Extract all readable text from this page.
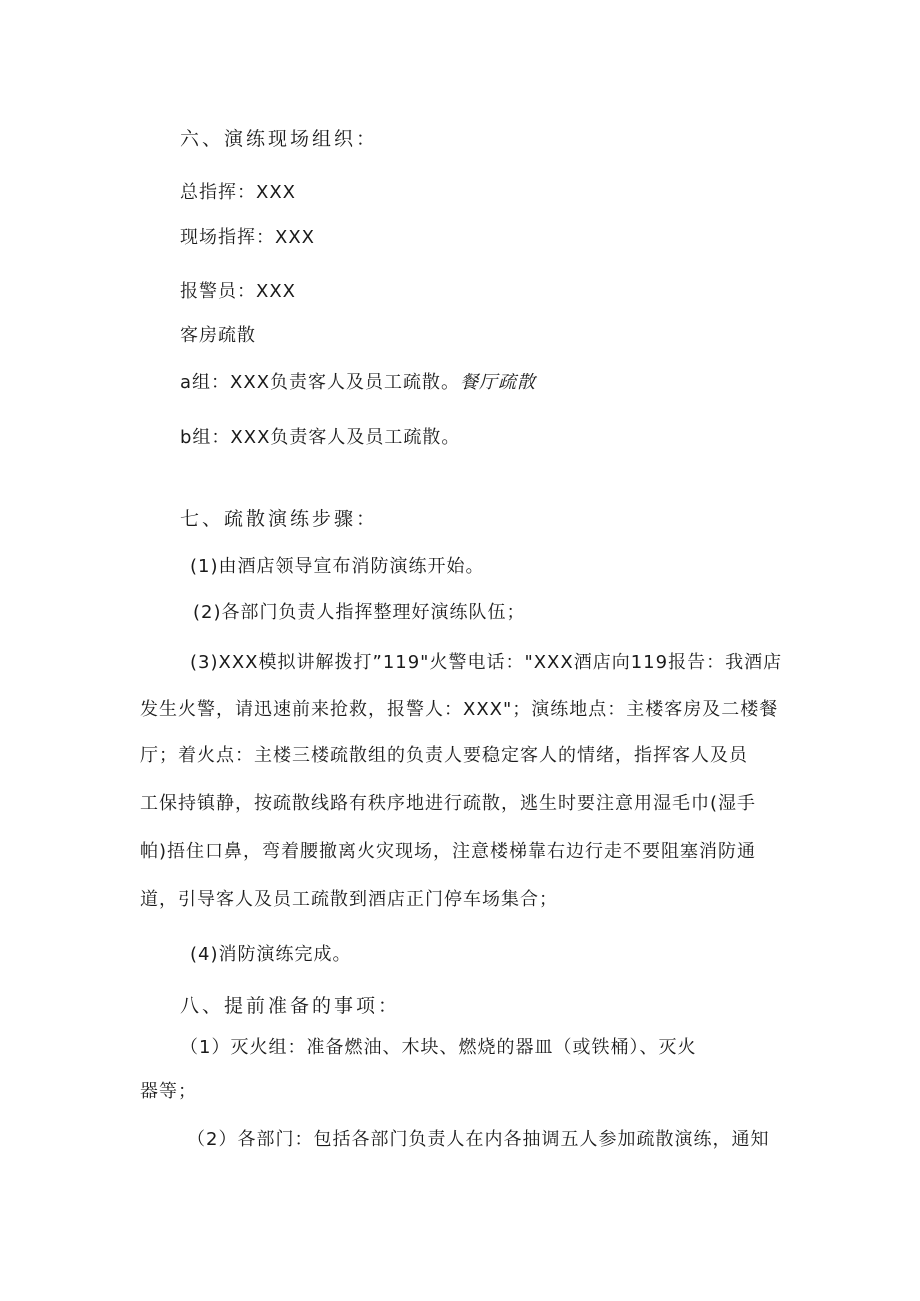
六、演练现场组织：
总指挥：XXX
现场指挥：XXX
报警员：XXX
客房疏散
a组：XXX负责客人及员工疏散。餐厅疏散
b组：XXX负责客人及员工疏散。
七、疏散演练步骤：
(1)由酒店领导宣布消防演练开始。
(2)各部门负责人指挥整理好演练队伍；
(3)XXX模拟讲解拨打”119"火警电话："XXX酒店向119报告：我酒店
发生火警，请迅速前来抢救，报警人：XXX"；演练地点：主楼客房及二楼餐
厅；着火点：主楼三楼疏散组的负责人要稳定客人的情绪，指挥客人及员
工保持镇静，按疏散线路有秩序地进行疏散，逃生时要注意用湿毛巾(湿手
帕)捂住口鼻，弯着腰撤离火灾现场，注意楼梯靠右边行走不要阻塞消防通
道，引导客人及员工疏散到酒店正门停车场集合；
(4)消防演练完成。
八、提前准备的事项：
（1）灭火组：准备燃油、木块、燃烧的器皿（或铁桶）、灭火
器等；
（2）各部门：包括各部门负责人在内各抽调五人参加疏散演练，通知
